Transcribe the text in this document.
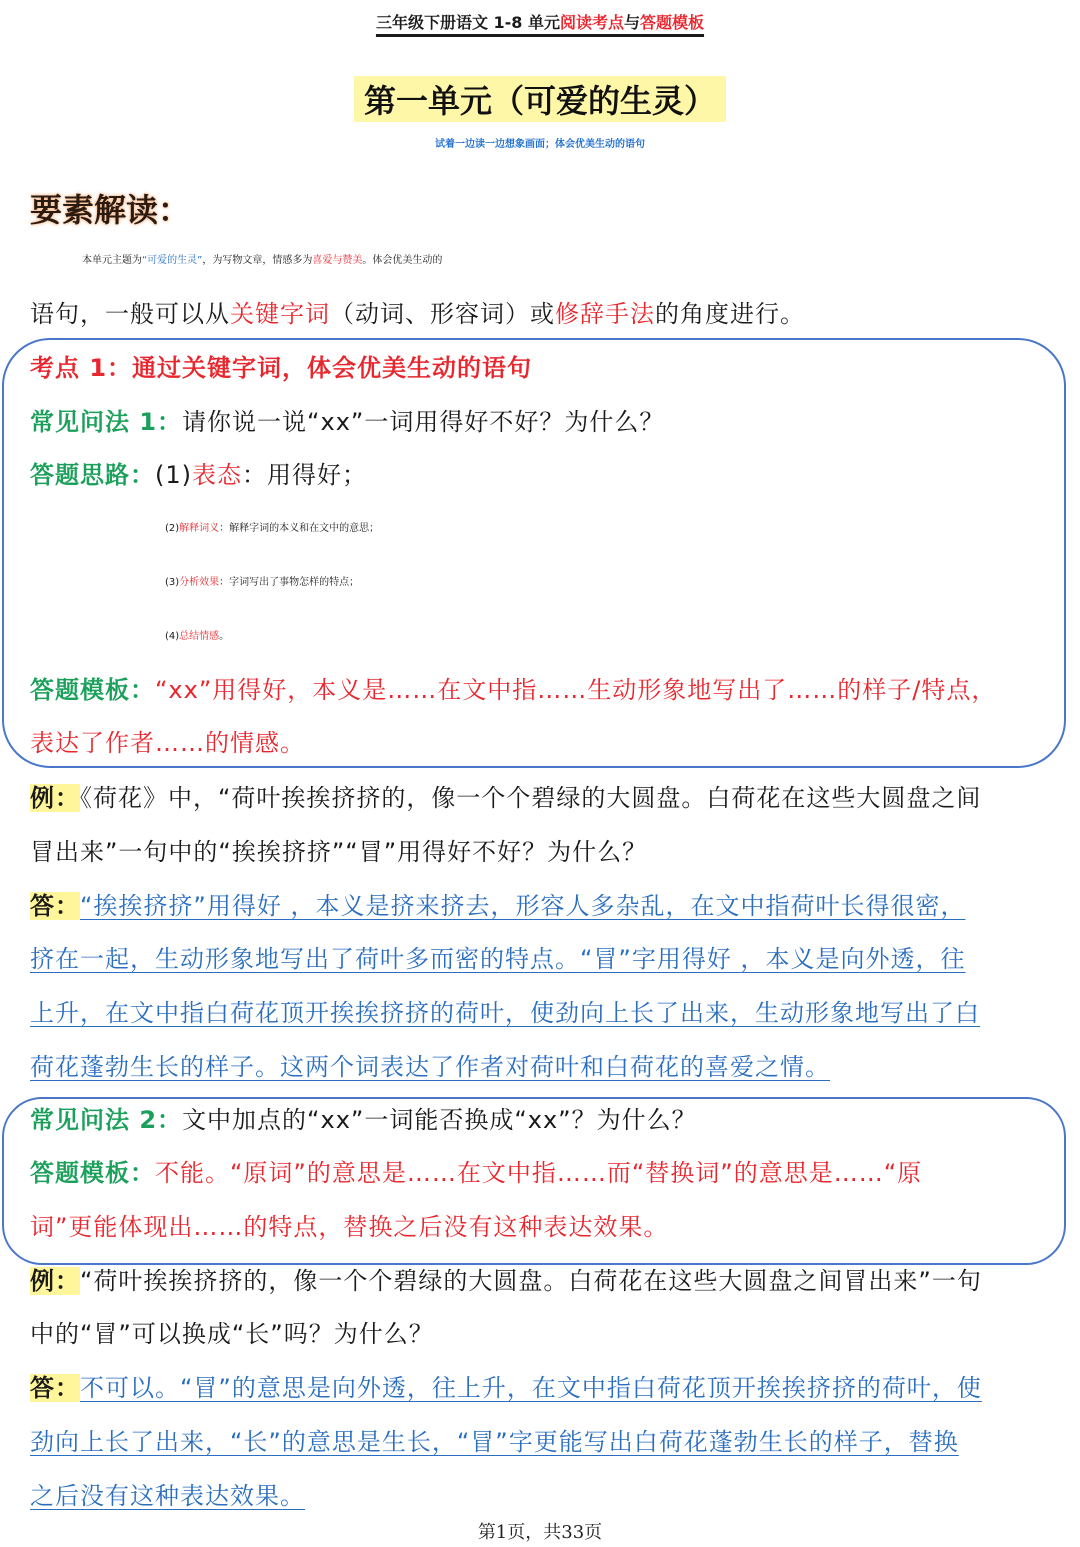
三年级下册语文 1-8 单元阅读考点与答题模板
第一单元（可爱的生灵）
试着一边读一边想象画面；体会优美生动的语句
要素解读：
本单元主题为“可爱的生灵”，为写物文章，情感多为喜爱与赞美。体会优美生动的
语句，一般可以从关键字词（动词、形容词）或修辞手法的角度进行。
考点 1：通过关键字词，体会优美生动的语句
常见问法 1：请你说一说“xx”一词用得好不好？为什么？
答题思路：(1)表态：用得好；
(2)解释词义：解释字词的本义和在文中的意思；
(3)分析效果：字词写出了事物怎样的特点；
(4)总结情感。
答题模板：“xx”用得好，本义是……在文中指……生动形象地写出了……的样子/特点，
表达了作者……的情感。
例：《荷花》中，“荷叶挨挨挤挤的，像一个个碧绿的大圆盘。白荷花在这些大圆盘之间
冒出来”一句中的“挨挨挤挤”“冒”用得好不好？为什么？
答：“挨挨挤挤”用得好 ，本义是挤来挤去，形容人多杂乱，在文中指荷叶长得很密，
挤在一起，生动形象地写出了荷叶多而密的特点。“冒”字用得好 ，本义是向外透，往
上升，在文中指白荷花顶开挨挨挤挤的荷叶，使劲向上长了出来，生动形象地写出了白
荷花蓬勃生长的样子。这两个词表达了作者对荷叶和白荷花的喜爱之情。
常见问法 2：文中加点的“xx”一词能否换成“xx”？为什么？
答题模板：不能。“原词”的意思是……在文中指……而“替换词”的意思是……“原
词”更能体现出……的特点，替换之后没有这种表达效果。
例：“荷叶挨挨挤挤的，像一个个碧绿的大圆盘。白荷花在这些大圆盘之间冒出来”一句
中的“冒”可以换成“长”吗？为什么？
答：不可以。“冒”的意思是向外透，往上升，在文中指白荷花顶开挨挨挤挤的荷叶，使
劲向上长了出来，“长”的意思是生长，“冒”字更能写出白荷花蓬勃生长的样子，替换
之后没有这种表达效果。
第1页，共33页
